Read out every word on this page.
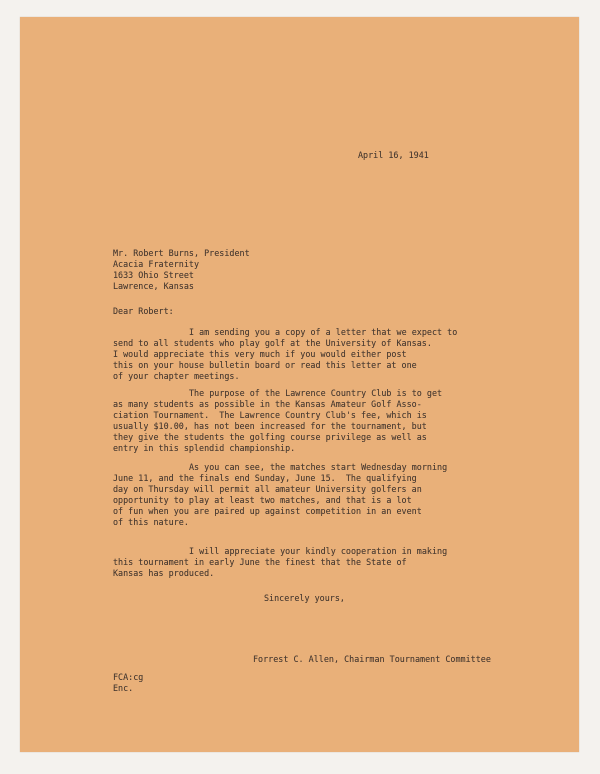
April 16, 1941

Mr. Robert Burns, President

Acacia Fraternity

1633 Ohio Street

Lawrence, Kansas

Dear Robert:

I am sending you a copy of a letter that we expect to

send to all students who play golf at the University of Kansas.

I would appreciate this very much if you would either post

this on your house bulletin board or read this letter at one

of your chapter meetings.

The purpose of the Lawrence Country Club is to get

as many students as possible in the Kansas Amateur Golf Asso-

ciation Tournament.  The Lawrence Country Club's fee, which is

usually $10.00, has not been increased for the tournament, but

they give the students the golfing course privilege as well as

entry in this splendid championship.

As you can see, the matches start Wednesday morning

June 11, and the finals end Sunday, June 15.  The qualifying

day on Thursday will permit all amateur University golfers an

opportunity to play at least two matches, and that is a lot

of fun when you are paired up against competition in an event

of this nature.

I will appreciate your kindly cooperation in making

this tournament in early June the finest that the State of

Kansas has produced.

Sincerely yours,
Forrest C. Allen, Chairman Tournament Committee
FCA:cg
Enc.
